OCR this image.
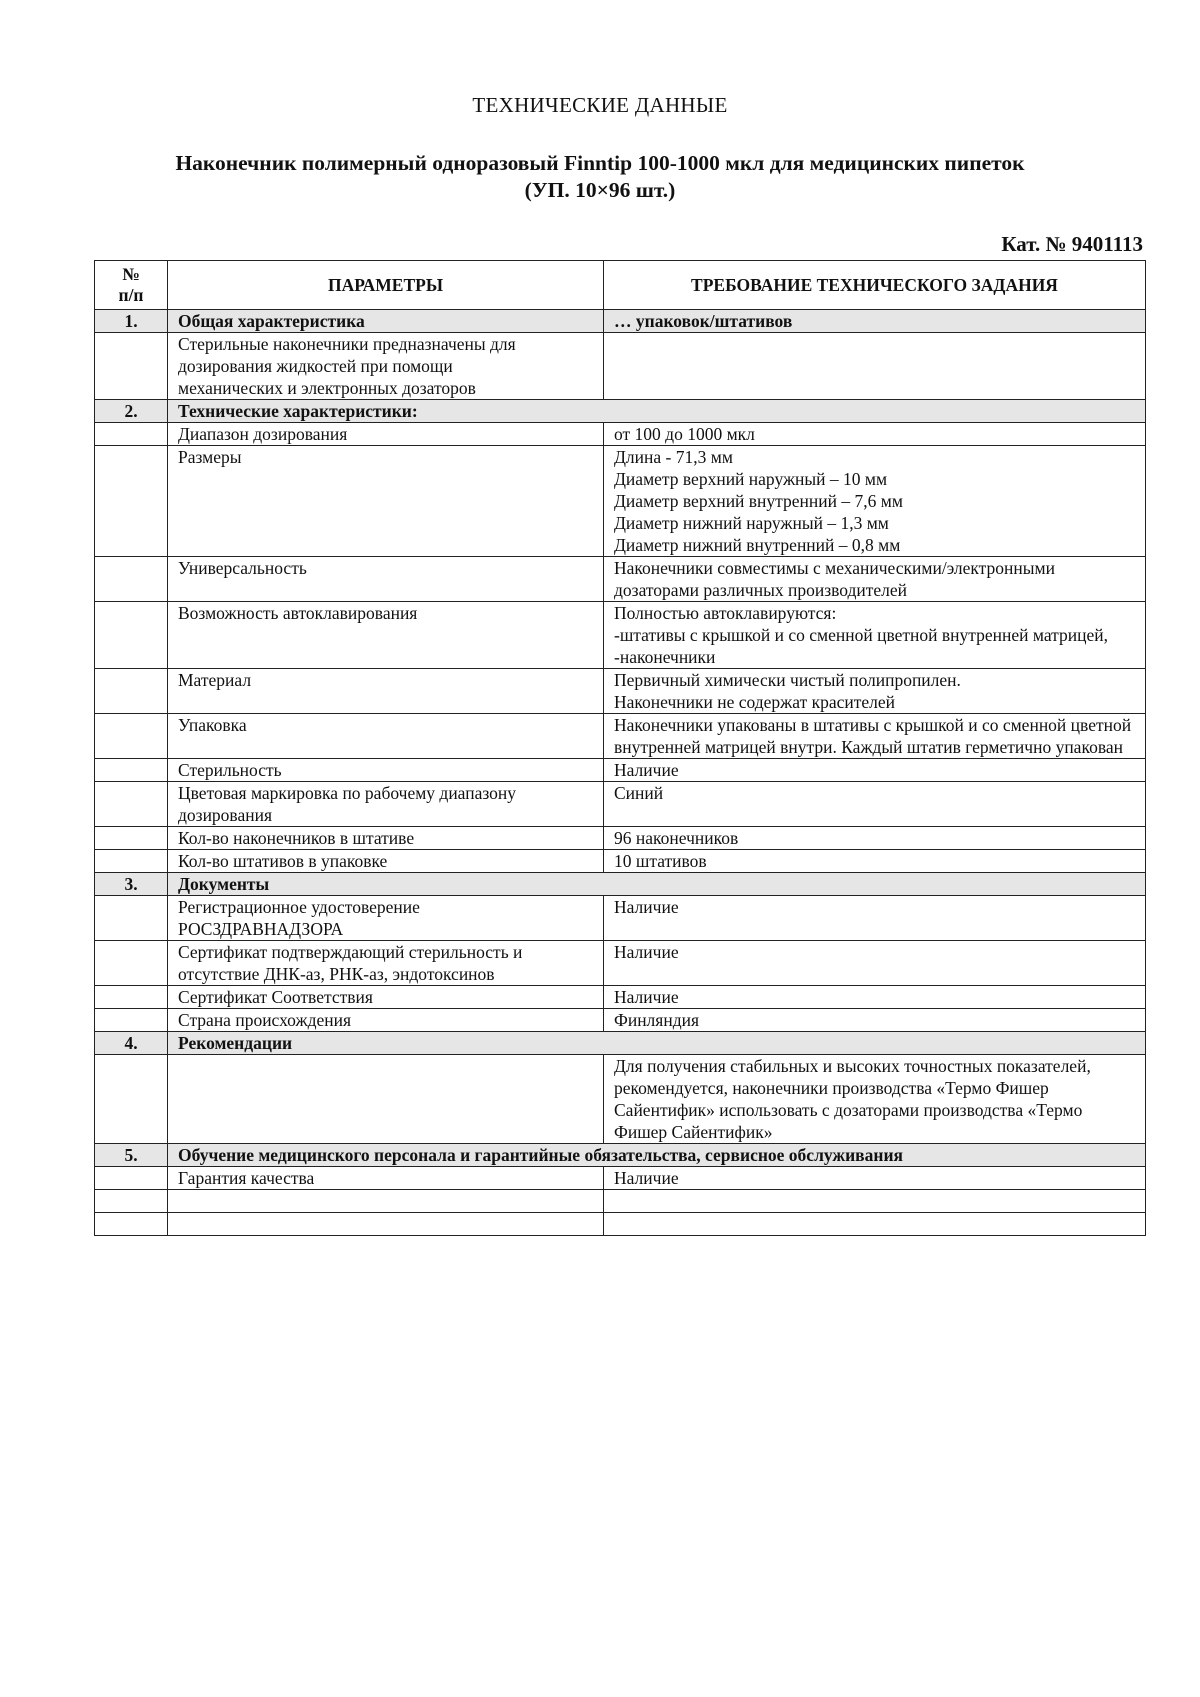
ТЕХНИЧЕСКИЕ ДАННЫЕ
Наконечник полимерный одноразовый Finntip 100-1000 мкл для медицинских пипеток
(УП. 10×96 шт.)
Кат. № 9401113
№
п/п	ПАРАМЕТРЫ	ТРЕБОВАНИЕ ТЕХНИЧЕСКОГО ЗАДАНИЯ
1.	Общая характеристика	… упаковок/штативов

	Стерильные наконечники предназначены для
дозирования жидкостей при помощи
механических и электронных дозаторов	

2.	Технические характеристики:	
	Диапазон дозирования	от 100 до 1000 мкл
	Размеры	Длина - 71,3 мм
Диаметр верхний наружный – 10 мм
Диаметр верхний внутренний – 7,6 мм
Диаметр нижний наружный – 1,3 мм
Диаметр нижний внутренний – 0,8 мм

	Универсальность	Наконечники совместимы с механическими/электронными
дозаторами различных производителей

	Возможность автоклавирования	Полностью автоклавируются:
-штативы с крышкой и со сменной цветной внутренней матрицей,
-наконечники

	Материал	Первичный химически чистый полипропилен.
Наконечники не содержат красителей

	Упаковка	Наконечники упакованы в штативы с крышкой и со сменной цветной внутренней матрицей внутри. Каждый штатив герметично упакован
	Стерильность	Наличие

	Цветовая маркировка по рабочему диапазону
дозирования	Синий
	Кол-во наконечников в штативе	96 наконечников
	Кол-во штативов в упаковке	10 штативов
3.	Документы	

	Регистрационное удостоверение
РОСЗДРАВНАДЗОРА	Наличие

	Сертификат подтверждающий стерильность и
отсутствие ДНК-аз, РНК-аз, эндотоксинов	Наличие
	Сертификат Соответствия	Наличие
	Страна происхождения	Финляндия
4.	Рекомендации	
		Для получения стабильных и высоких точностных показателей, рекомендуется, наконечники производства «Термо Фишер Сайентифик» использовать с дозаторами производства «Термо Фишер Сайентифик»
5.	Обучение медицинского персонала и гарантийные обязательства, сервисное обслуживания	
	Гарантия качества	Наличие
